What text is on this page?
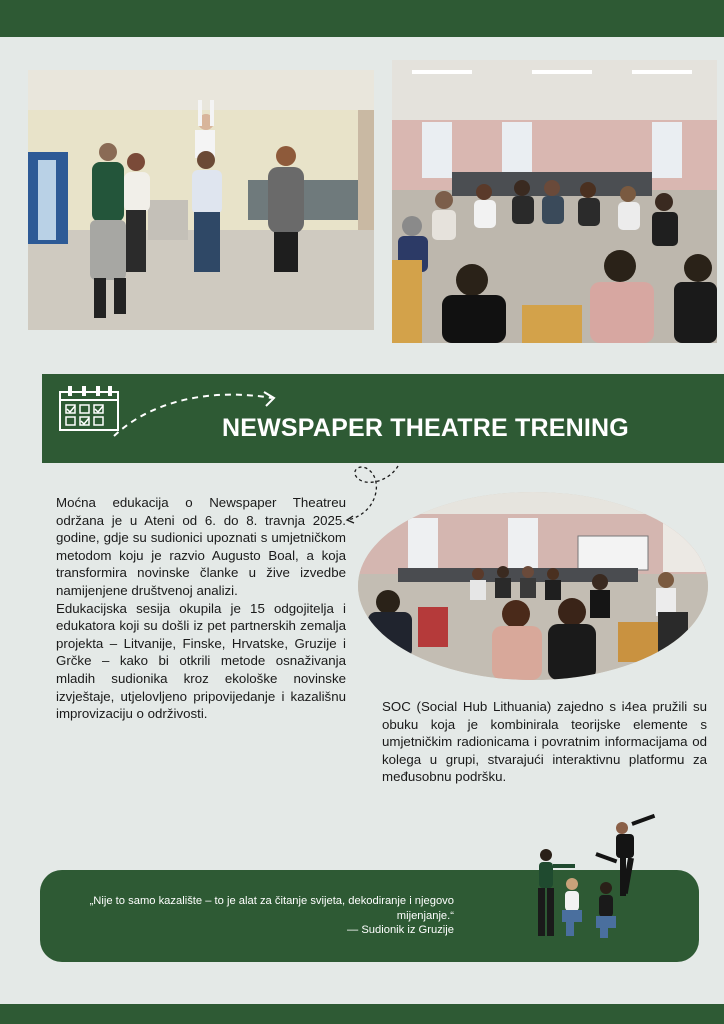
NEWSPAPER THEATRE TRENING

Moćna edukacija o Newspaper Theatreu održana je u Ateni od 6. do 8. travnja 2025. godine, gdje su sudionici upoznati s umjetničkom metodom koju je razvio Augusto Boal, a koja transformira novinske članke u žive izvedbe namijenjene društvenoj analizi.

Edukacijska sesija okupila je 15 odgojitelja i edukatora koji su došli iz pet partnerskih zemalja projekta – Litvanije, Finske, Hrvatske, Gruzije i Grčke – kako bi otkrili metode osnaživanja mladih sudionika kroz ekološke novinske izvještaje, utjelovljeno pripovijedanje i kazališnu improvizaciju o održivosti.	SOC (Social Hub Lithuania) zajedno s i4ea pružili su obuku koja je kombinirala teorijske elemente s umjetničkim radionicama i povratnim informacijama od kolega u grupi, stvarajući interaktivnu platformu za međusobnu podršku.
„Nije to samo kazalište – to je alat za čitanje svijeta, dekodiranje i njegovo mijenjanje.“
— Sudionik iz Gruzije
